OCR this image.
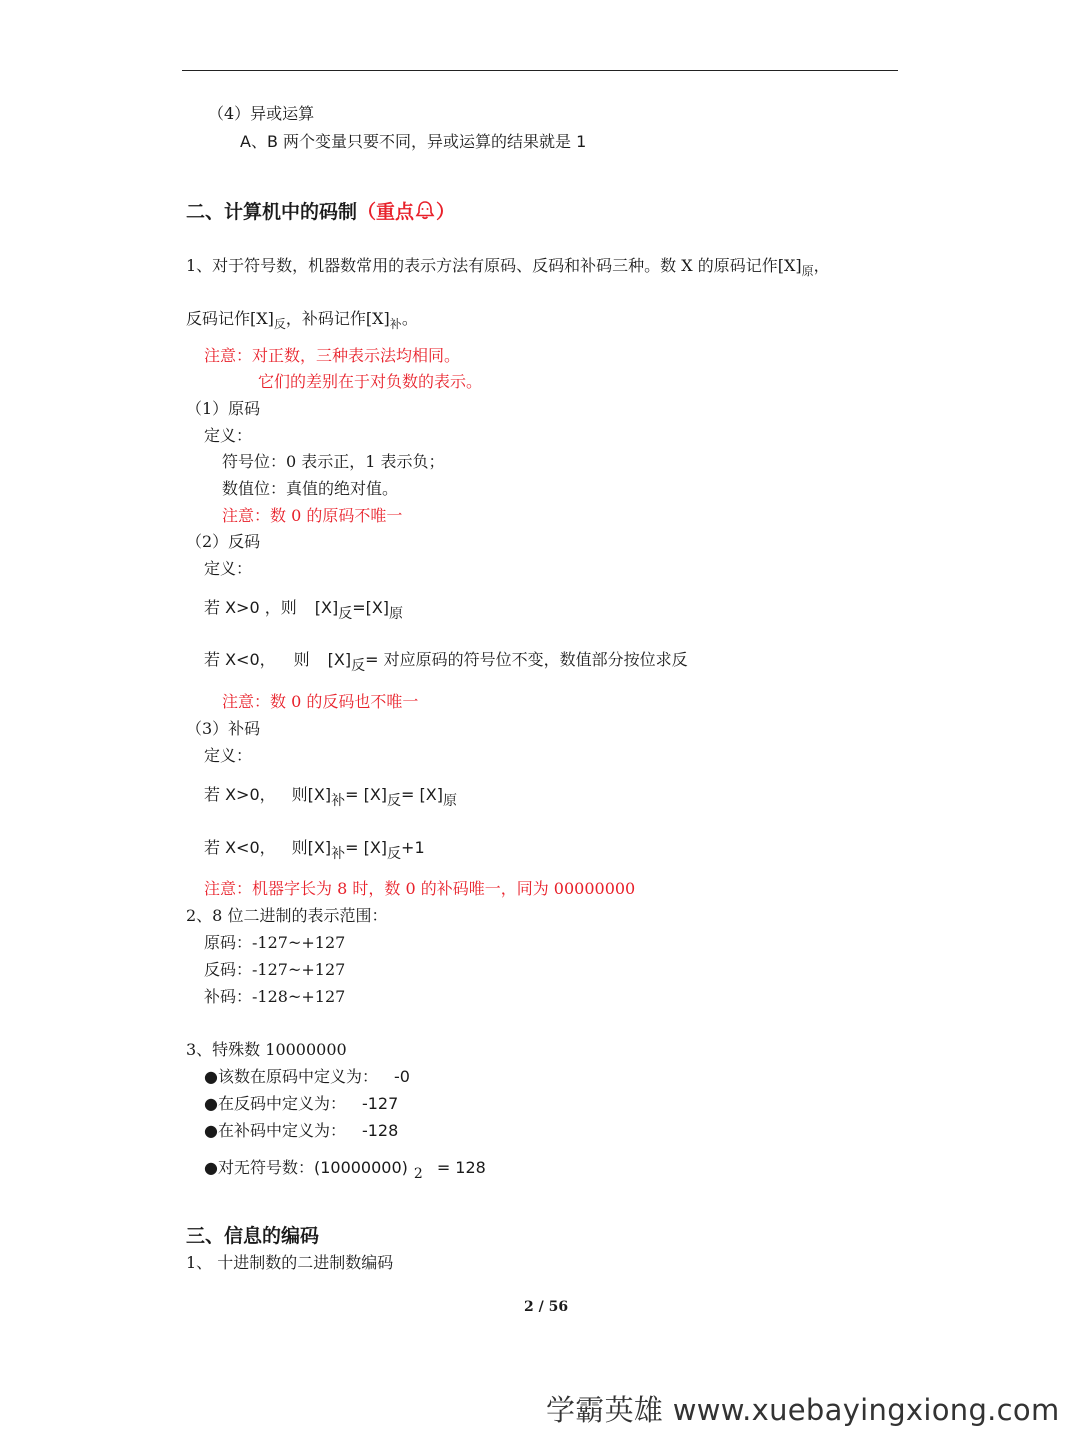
（4）异或运算
A、B 两个变量只要不同，异或运算的结果就是 1
二、计算机中的码制（重点 ）
1、对于符号数，机器数常用的表示方法有原码、反码和补码三种。数 X 的原码记作$[X]_原$，
反码记作$[X]_反$，补码记作$[X]_补$。
注意：对正数，三种表示法均相同。
它们的差别在于对负数的表示。
（1）原码
定义：
符号位：0 表示正，1 表示负；
数值位：真值的绝对值。
注意：数 0 的原码不唯一
（2）反码
定义：
若 X>0 ，则 [X]反=[X]原
若 X<0， 则 [X]反= 对应原码的符号位不变，数值部分按位求反
注意：数 0 的反码也不唯一
（3）补码
定义：
若 X>0， 则[X]补= [X]反= [X]原
若 X<0， 则[X]补= [X]反+1
注意：机器字长为 8 时，数 0 的补码唯一，同为 00000000
2、8 位二进制的表示范围：
原码：-127~+127
反码：-127~+127
补码：-128~+127
3、特殊数 10000000
●该数在原码中定义为： -0
●在反码中定义为： -127
●在补码中定义为： -128
●对无符号数：(10000000) 2 = 128
三、信息的编码
1、 十进制数的二进制数编码
2 / 56
学霸英雄 www.xuebayingxiong.com
